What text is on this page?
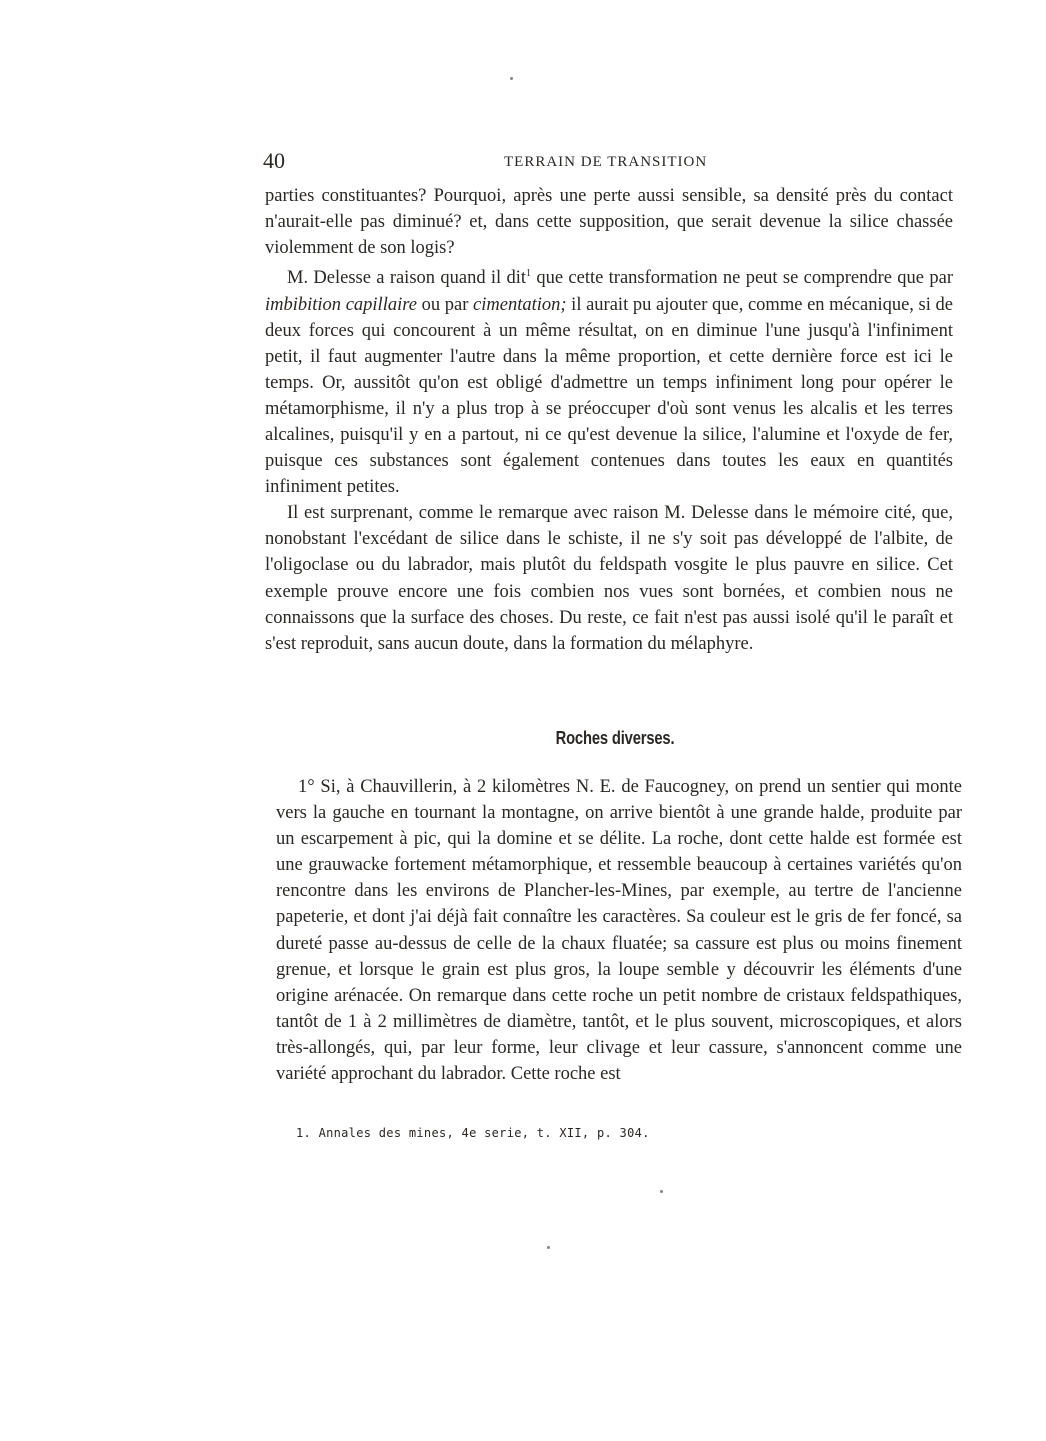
40	TERRAIN DE TRANSITION

parties constituantes? Pourquoi, après une perte aussi sensible, sa densité près du contact n'aurait-elle pas diminué? et, dans cette supposition, que serait devenue la silice chassée violemment de son logis?

M. Delesse a raison quand il dit$^1$ que cette transformation ne peut se comprendre que par imbibition capillaire ou par cimentation; il aurait pu ajouter que, comme en mécanique, si de deux forces qui concourent à un même résultat, on en diminue l'une jusqu'à l'infiniment petit, il faut augmenter l'autre dans la même proportion, et cette dernière force est ici le temps. Or, aussitôt qu'on est obligé d'admettre un temps infiniment long pour opérer le métamorphisme, il n'y a plus trop à se préoccuper d'où sont venus les alcalis et les terres alcalines, puisqu'il y en a partout, ni ce qu'est devenue la silice, l'alumine et l'oxyde de fer, puisque ces substances sont également contenues dans toutes les eaux en quantités infiniment petites.

Il est surprenant, comme le remarque avec raison M. Delesse dans le mémoire cité, que, nonobstant l'excédant de silice dans le schiste, il ne s'y soit pas développé de l'albite, de l'oligoclase ou du labrador, mais plutôt du feldspath vosgite le plus pauvre en silice. Cet exemple prouve encore une fois combien nos vues sont bornées, et combien nous ne connaissons que la surface des choses. Du reste, ce fait n'est pas aussi isolé qu'il le paraît et s'est reproduit, sans aucun doute, dans la formation du mélaphyre.

Roches diverses.

1° Si, à Chauvillerin, à 2 kilomètres N. E. de Faucogney, on prend un sentier qui monte vers la gauche en tournant la montagne, on arrive bientôt à une grande halde, produite par un escarpement à pic, qui la domine et se délite. La roche, dont cette halde est formée est une grauwacke fortement métamorphique, et ressemble beaucoup à certaines variétés qu'on rencontre dans les environs de Plancher-les-Mines, par exemple, au tertre de l'ancienne papeterie, et dont j'ai déjà fait connaître les caractères. Sa couleur est le gris de fer foncé, sa dureté passe au-dessus de celle de la chaux fluatée; sa cassure est plus ou moins finement grenue, et lorsque le grain est plus gros, la loupe semble y découvrir les éléments d'une origine arénacée. On remarque dans cette roche un petit nombre de cristaux feldspathiques, tantôt de 1 à 2 millimètres de diamètre, tantôt, et le plus souvent, microscopiques, et alors très-allongés, qui, par leur forme, leur clivage et leur cassure, s'annoncent comme une variété approchant du labrador. Cette roche est

1. Annales des mines, 4e serie, t. XII, p. 304.
